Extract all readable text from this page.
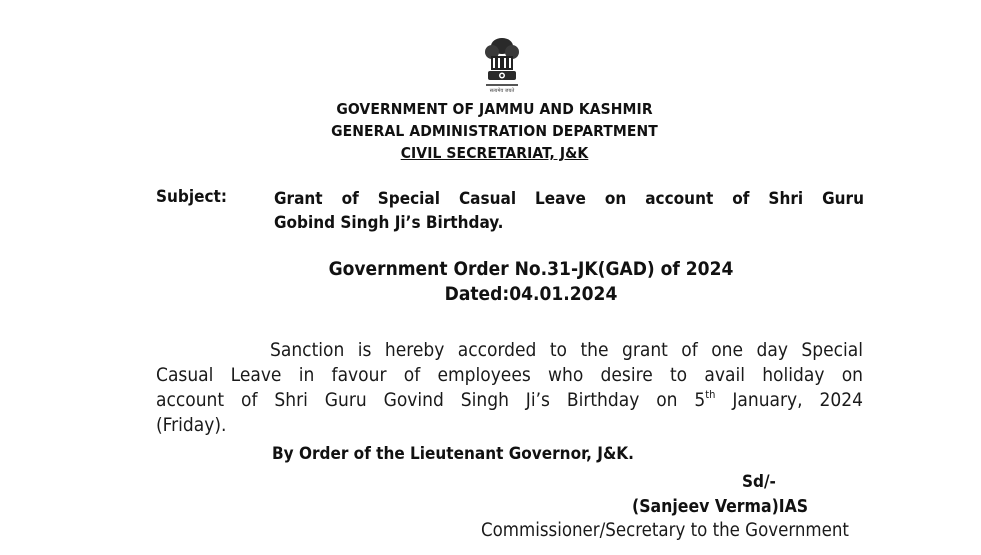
सत्यमेव जयते
GOVERNMENT OF JAMMU AND KASHMIR
GENERAL ADMINISTRATION DEPARTMENT
CIVIL SECRETARIAT, J&K
Subject:	Grant of Special Casual Leave on account of Shri Guru
Gobind Singh Ji’s Birthday.
Government Order No.31-JK(GAD) of 2024
Dated:04.01.2024
Sanction is hereby accorded to the grant of one day Special
Casual Leave in favour of employees who desire to avail holiday on
account of Shri Guru Govind Singh Ji’s Birthday on 5th January, 2024
(Friday).
By Order of the Lieutenant Governor, J&K.
Sd/-
(Sanjeev Verma)IAS
Commissioner/Secretary to the Government
